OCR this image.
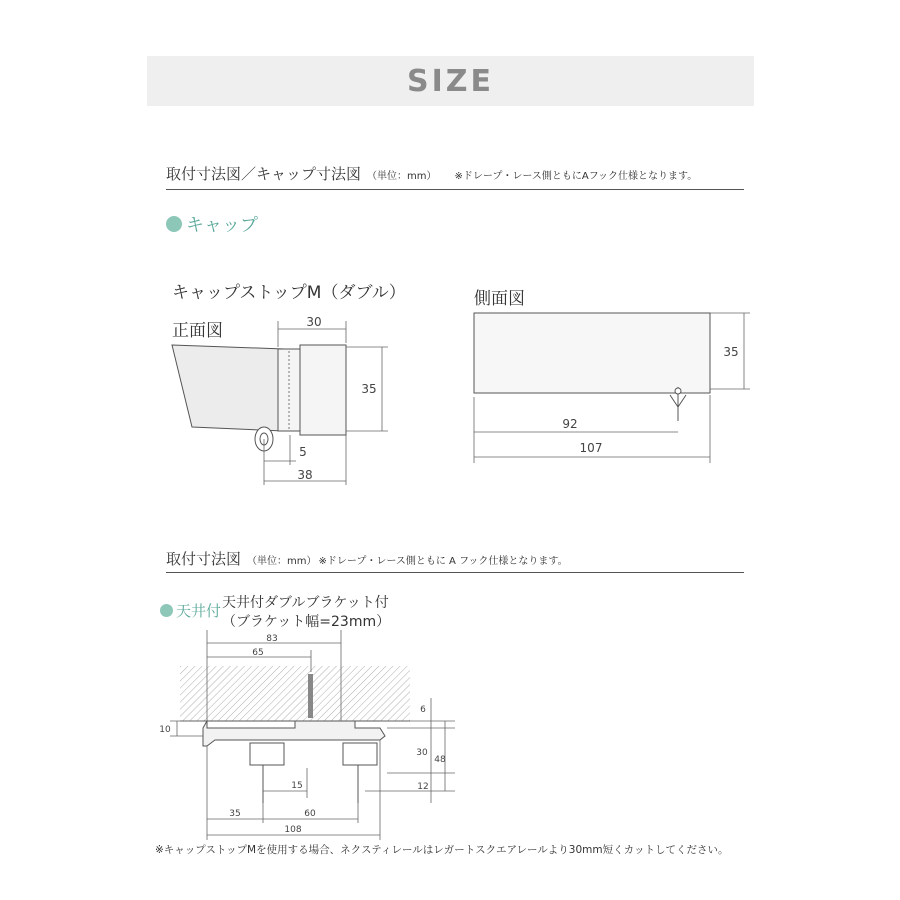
SIZE
取付寸法図／キャップ寸法図 （単位：mm） ※ドレープ・レース側ともにAフック仕様となります。
キャップ
キャップストップM（ダブル）
正面図
側面図
30
35
5
38
35
92
107
取付寸法図 （単位：mm） ※ドレープ・レース側ともに A フック仕様となります。
天井付 天井付ダブルブラケット付
（ブラケット幅=23mm）
83
65
10
6
30
48
12
15
35	60
108
※キャップストップMを使用する場合、ネクスティレールはレガートスクエアレールより30mm短くカットしてください。
